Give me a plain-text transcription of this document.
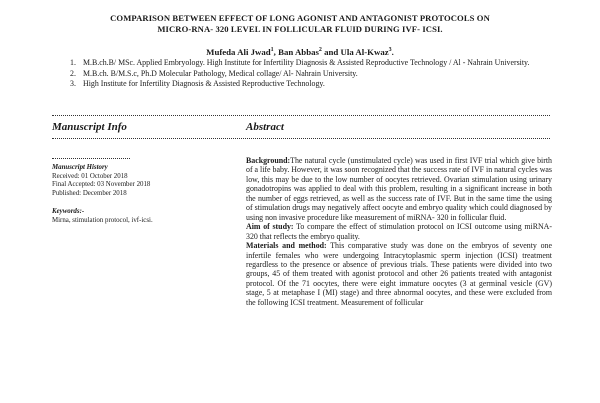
COMPARISON BETWEEN EFFECT OF LONG AGONIST AND ANTAGONIST PROTOCOLS ON
MICRO-RNA- 320 LEVEL IN FOLLICULAR FLUID DURING IVF- ICSI.
Mufeda Ali Jwad$^1$, Ban Abbas$^2$ and Ula Al-Kwaz$^3$.
1. M.B.ch.B/ MSc. Applied Embryology. High Institute for Infertility Diagnosis & Assisted Reproductive Technology / Al - Nahrain University.
2. M.B.ch. B/M.S.c, Ph.D Molecular Pathology, Medical collage/ Al- Nahrain University.
3. High Institute for Infertility Diagnosis & Assisted Reproductive Technology.
Manuscript Info	Abstract
Manuscript History
Received: 01 October 2018
Final Accepted: 03 November 2018
Published: December 2018
Keywords:-
Mirna, stimulation protocol, ivf-icsi.

Background:The natural cycle (unstimulated cycle) was used in first IVF trial which give birth of a life baby. However, it was soon recognized that the success rate of IVF in natural cycles was low, this may be due to the low number of oocytes retrieved. Ovarian stimulation using urinary gonadotropins was applied to deal with this problem, resulting in a significant increase in both the number of eggs retrieved, as well as the success rate of IVF. But in the same time the using of stimulation drugs may negatively affect oocyte and embryo quality which could diagnosed by using non invasive procedure like measurement of miRNA- 320 in follicular fluid.

Aim of study: To compare the effect of stimulation protocol on ICSI outcome using miRNA- 320 that reflects the embryo quality.

Materials and method: This comparative study was done on the embryos of seventy one infertile females who were undergoing Intracytoplasmic sperm injection (ICSI) treatment regardless to the presence or absence of previous trials. These patients were divided into two groups, 45 of them treated with agonist protocol and other 26 patients treated with antagonist protocol. Of the 71 oocytes, there were eight immature oocytes (3 at germinal vesicle (GV) stage, 5 at metaphase I (MI) stage) and three abnormal oocytes, and these were excluded from the following ICSI treatment. Measurement of follicular
